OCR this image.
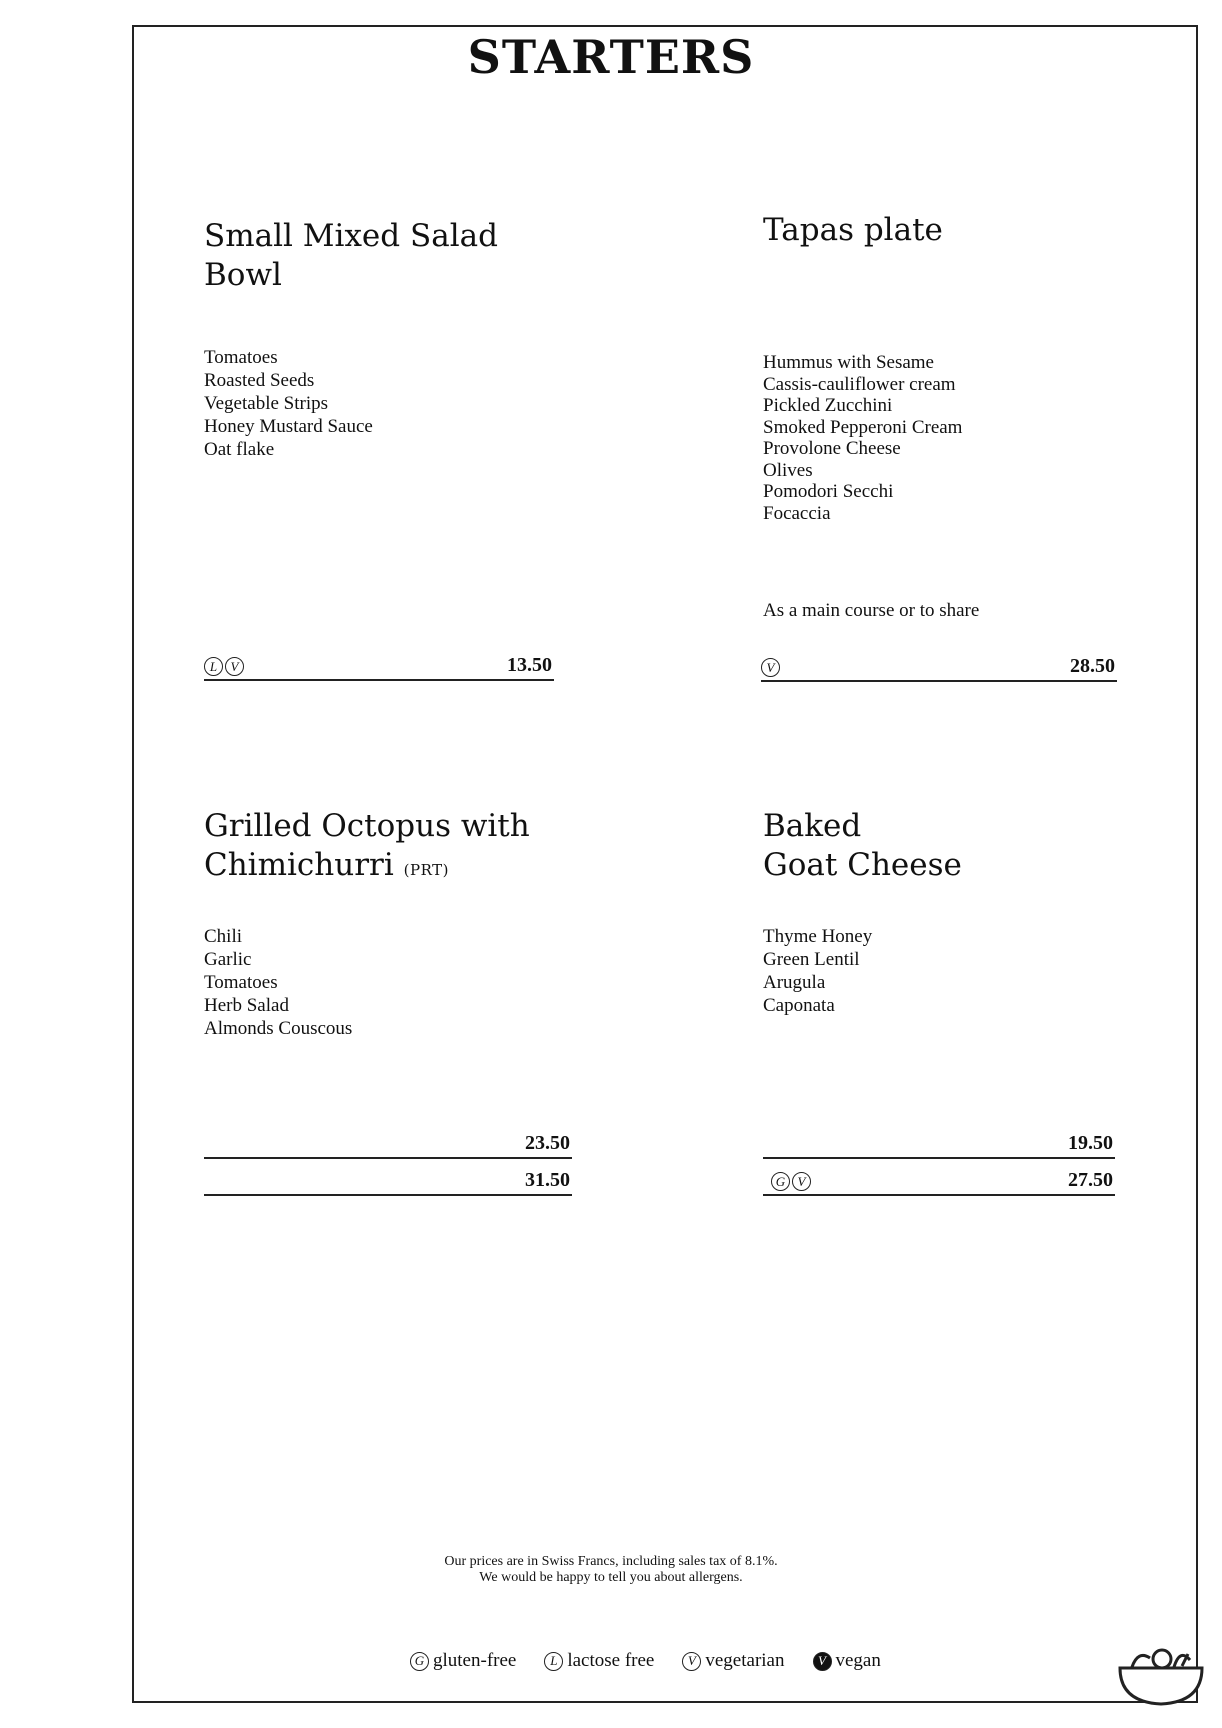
STARTERS
Small Mixed Salad Bowl
Tomatoes
Roasted Seeds
Vegetable Strips
Honey Mustard Sauce
Oat flake
L	V	13.50
Tapas plate
Hummus with Sesame
Cassis-cauliflower cream
Pickled Zucchini
Smoked Pepperoni Cream
Provolone Cheese
Olives
Pomodori Secchi
Focaccia
As a main course or to share
V	28.50
Grilled Octopus with
Chimichurri (PRT)
Chili
Garlic
Tomatoes
Herb Salad
Almonds Couscous
23.50
31.50
Baked
Goat Cheese
Thyme Honey
Green Lentil
Arugula
Caponata
19.50
G V	27.50
Our prices are in Swiss Francs, including sales tax of 8.1%.
We would be happy to tell you about allergens.
G gluten-free	L lactose free	V vegetarian	V vegan
